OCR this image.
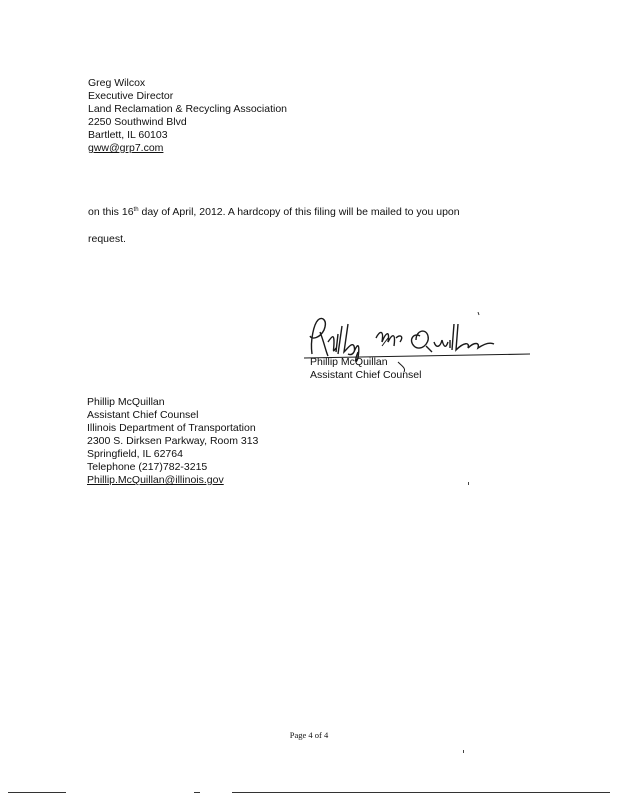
Greg Wilcox
Executive Director
Land Reclamation & Recycling Association
2250 Southwind Blvd
Bartlett, IL 60103
gww@grp7.com
on this 16th day of April, 2012. A hardcopy of this filing will be mailed to you upon
request.
Phillip McQuillan
Assistant Chief Counsel
Phillip McQuillan
Assistant Chief Counsel
Illinois Department of Transportation
2300 S. Dirksen Parkway, Room 313
Springfield, IL 62764
Telephone (217)782-3215
Phillip.McQuillan@illinois.gov
Page 4 of 4
